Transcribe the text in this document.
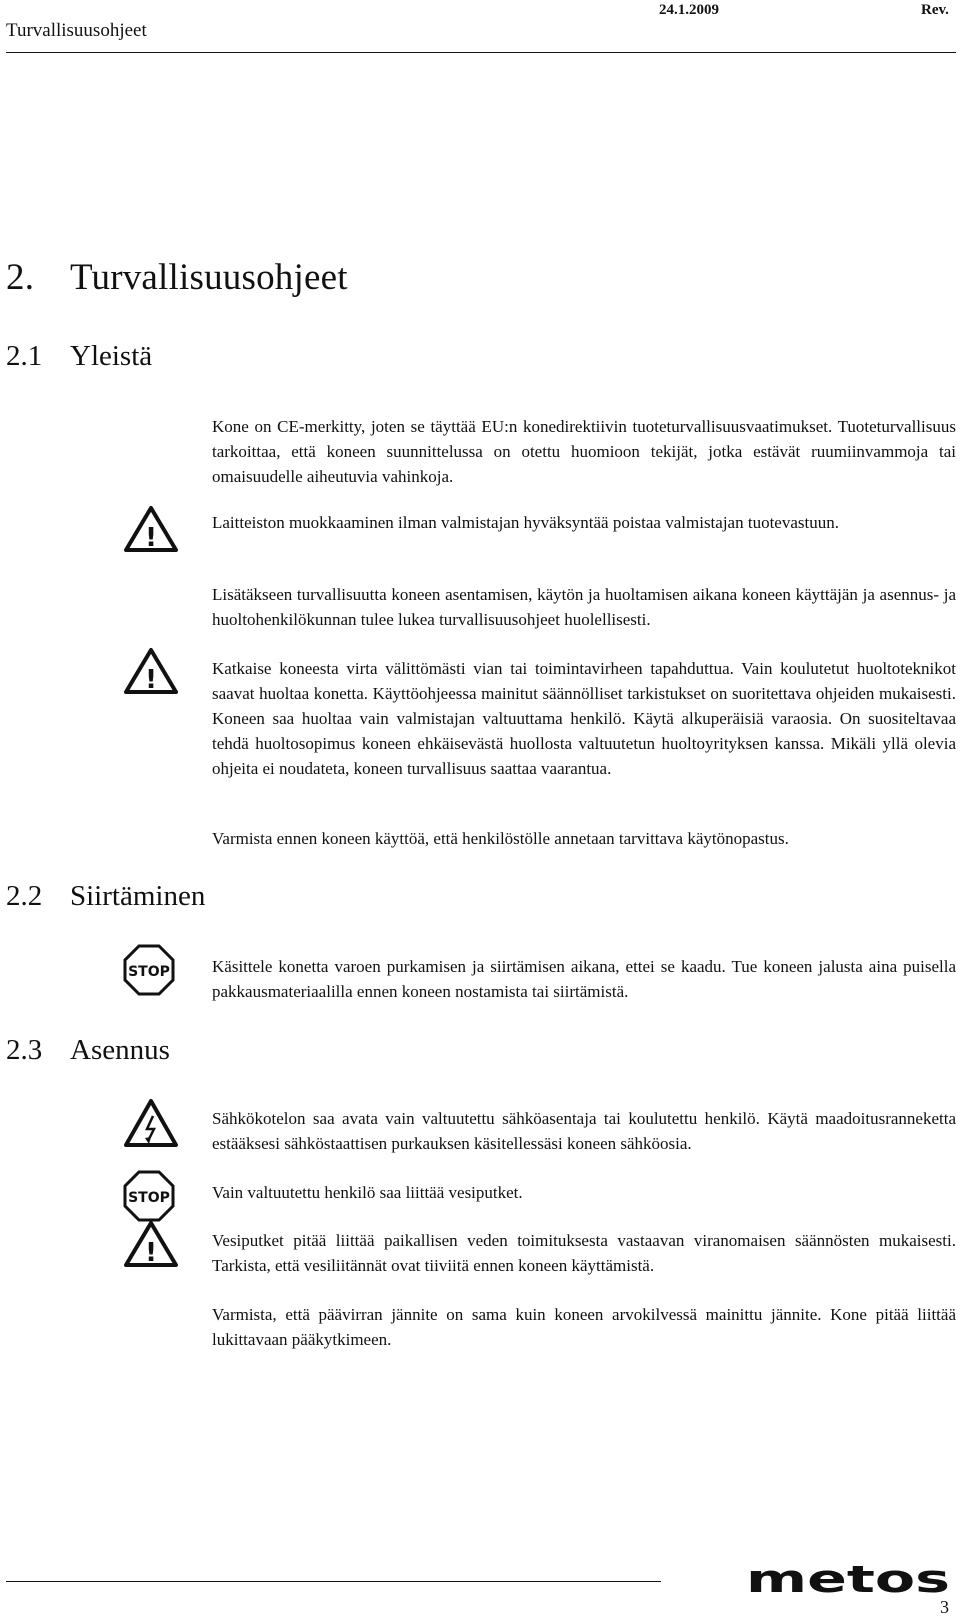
Turvallisuusohjeet
24.1.2009	Rev.
2. Turvallisuusohjeet
2.1 Yleistä

Kone on CE-merkitty, joten se täyttää EU:n konedirektiivin tuoteturvallisuusvaatimukset. Tuoteturvallisuus tarkoittaa, että koneen suunnittelussa on otettu huomioon tekijät, jotka estävät ruumiinvammoja tai omaisuudelle aiheutuvia vahinkoja.

!

Laitteiston muokkaaminen ilman valmistajan hyväksyntää poistaa valmistajan tuotevastuun.

Lisätäkseen turvallisuutta koneen asentamisen, käytön ja huoltamisen aikana koneen käyttäjän ja asennus- ja huoltohenkilökunnan tulee lukea turvallisuusohjeet huolellisesti.

!	Katkaise koneesta virta välittömästi vian tai toimintavirheen tapahduttua. Vain koulutetut huoltoteknikot saavat huoltaa konetta. Käyttöohjeessa mainitut säännölliset tarkistukset on suoritettava ohjeiden mukaisesti. Koneen saa huoltaa vain valmistajan valtuuttama henkilö. Käytä alkuperäisiä varaosia. On suositeltavaa tehdä huoltosopimus koneen ehkäisevästä huollosta valtuutetun huoltoyrityksen kanssa. Mikäli yllä olevia ohjeita ei noudateta, koneen turvallisuus saattaa vaarantua.

Varmista ennen koneen käyttöä, että henkilöstölle annetaan tarvittava käytönopastus.

2.2 Siirtäminen
STOP Käsittele konetta varoen purkamisen ja siirtämisen aikana, ettei se kaadu. Tue koneen jalusta aina puisella pakkausmateriaalilla ennen koneen nostamista tai siirtämistä.

2.3 Asennus

Sähkökotelon saa avata vain valtuutettu sähköasentaja tai koulutettu henkilö. Käytä maadoitusranneketta estääksesi sähköstaattisen purkauksen käsitellessäsi koneen sähköosia.

STOP Vain valtuutettu henkilö saa liittää vesiputket.

!	Vesiputket pitää liittää paikallisen veden toimituksesta vastaavan viranomaisen säännösten mukaisesti. Tarkista, että vesiliitännät ovat tiiviitä ennen koneen käyttämistä.

Varmista, että päävirran jännite on sama kuin koneen arvokilvessä mainittu jännite. Kone pitää liittää lukittavaan pääkytkimeen.

metos
3
